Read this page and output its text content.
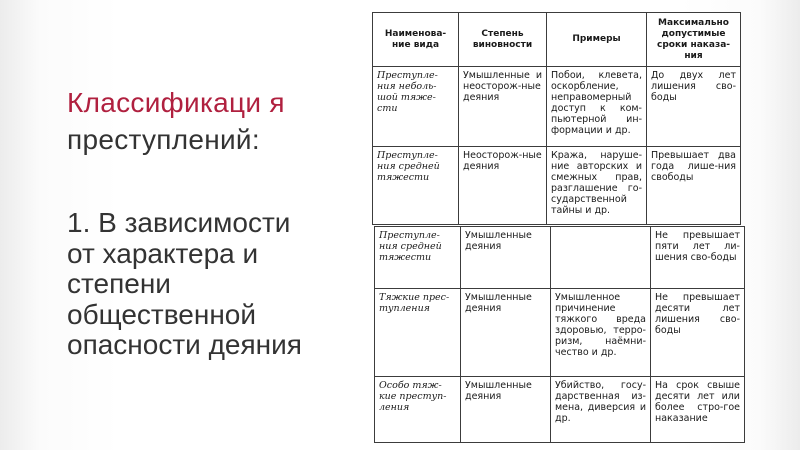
Классификаци я
преступлений:
1. В зависимости от характера и степени общественной опасности деяния
Наименова-ние вида	Степень виновности	Примеры	Максимально допустимые сроки наказа-ния
Преступле-ния неболь-шой тяже-сти	Умышленные и неосторож-ные деяния	Побои, клевета, оскорбление, неправомерный доступ к ком-пьютерной ин-формации и др.	До двух лет лишения сво-боды
Преступле-ния средней тяжести	Неосторож-ные деяния	Кража, наруше-ние авторских и смежных прав, разглашение го-сударственной тайны и др.	Превышает два года лише-ния свободы
Преступле-ния средней тяжести	Умышленные деяния		Не превышает пяти лет ли-шения сво-боды
Тяжкие прес-тупления	Умышленные деяния	Умышленное причинение тяжкого вреда здоровью, терро-ризм, наёмни-чество и др.	Не превышает десяти лет лишения сво-боды
Особо тяж-кие преступ-ления	Умышленные деяния	Убийство, госу-дарственная из-мена, диверсия и др.	На срок свыше десяти лет или более стро-гое наказание
